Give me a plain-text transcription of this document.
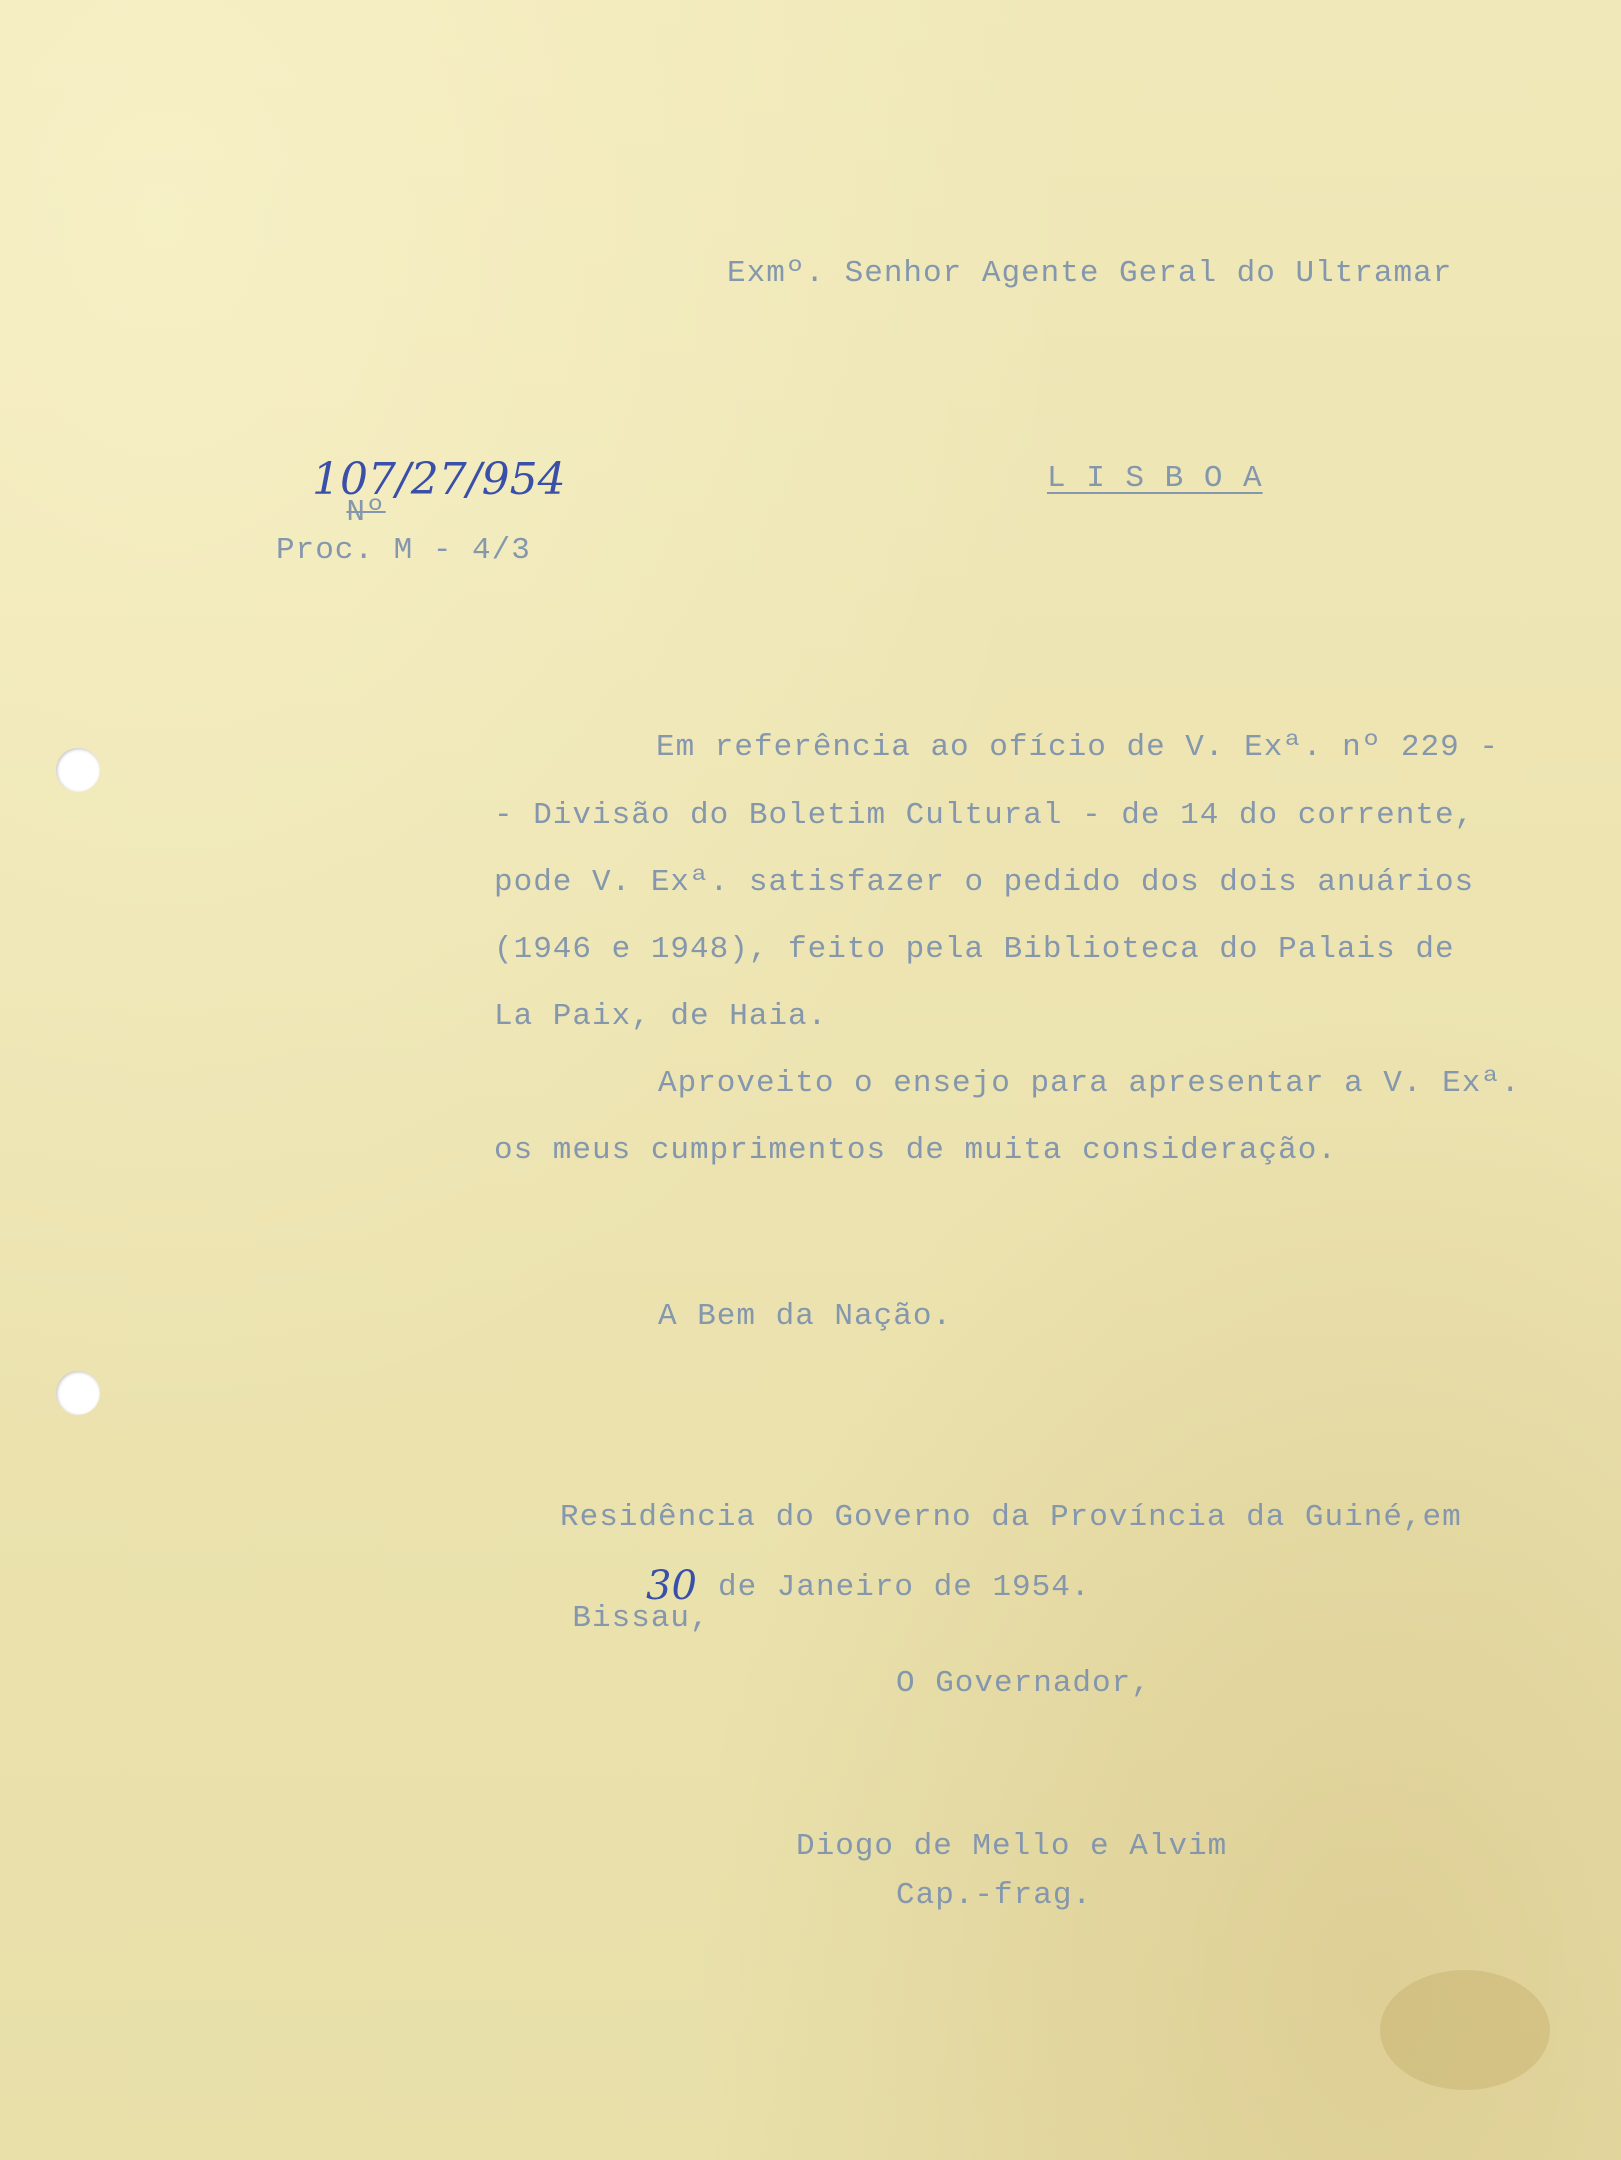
Exmº. Senhor Agente Geral do Ultramar

Nº

107/27/954	L I S B O A
Proc. M - 4/3
Em referência ao ofício de V. Exª. nº 229 -
- Divisão do Boletim Cultural - de 14 do corrente,
pode V. Exª. satisfazer o pedido dos dois anuários
(1946 e 1948), feito pela Biblioteca do Palais de
La Paix, de Haia.
Aproveito o ensejo para apresentar a V. Exª.
os meus cumprimentos de muita consideração.
A Bem da Nação.
Residência do Governo da Província da Guiné,em

Bissau,

30 de Janeiro de 1954.
O Governador,
Diogo de Mello e Alvim
Cap.-frag.
